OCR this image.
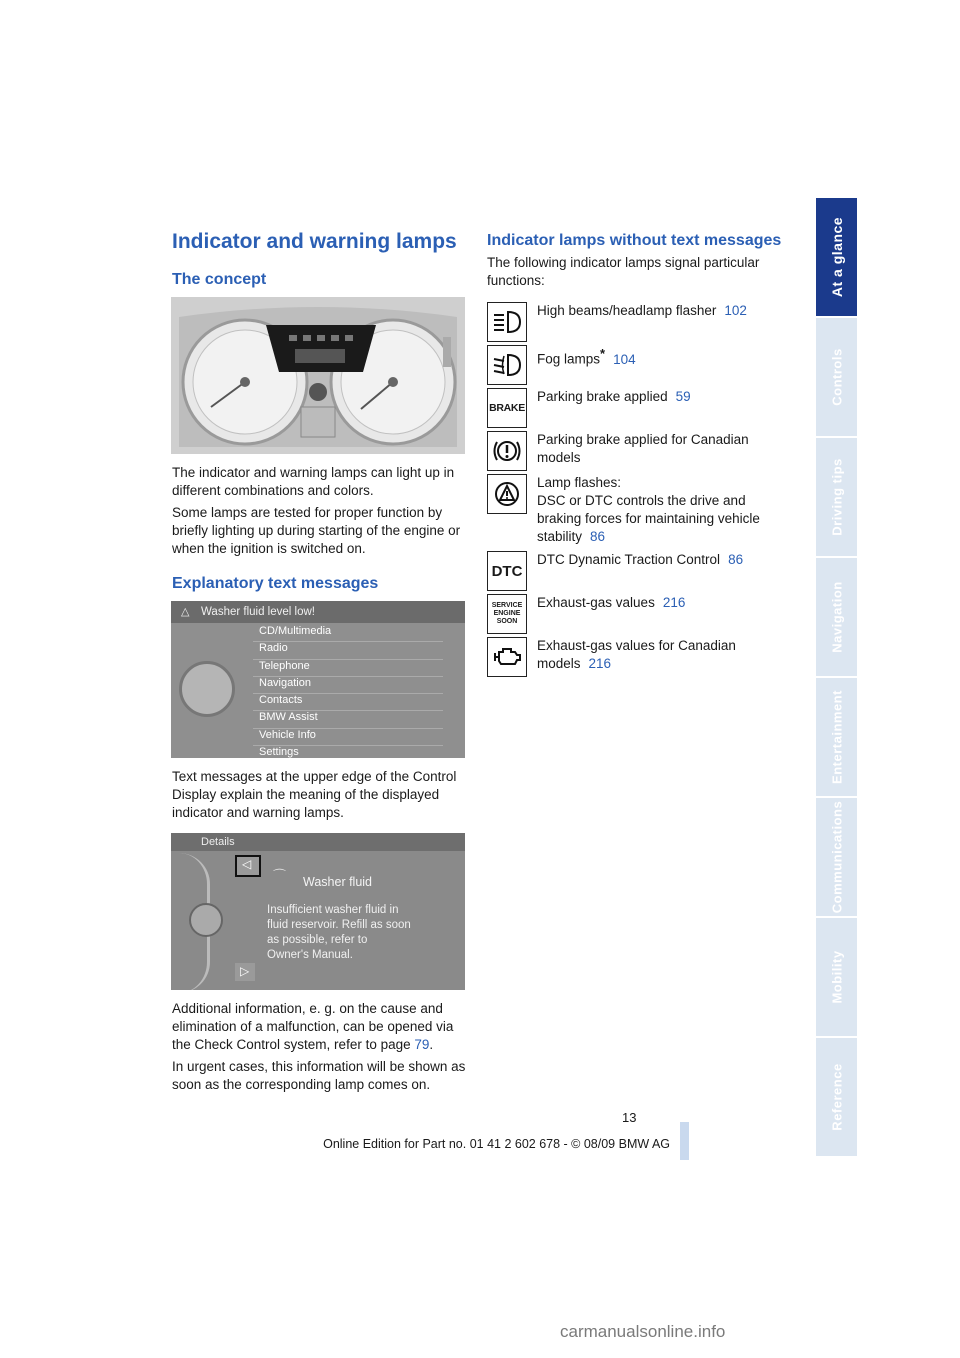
At a glance
Controls
Driving tips
Navigation
Entertainment
Communications
Mobility
Reference
Indicator and warning lamps
The concept

The indicator and warning lamps can light up in different combinations and colors.

Some lamps are tested for proper function by briefly lighting up during starting of the engine or when the ignition is switched on.

Explanatory text messages
△ Washer fluid level low!
CD/Multimedia
Radio
Telephone
Navigation
Contacts
BMW Assist
Vehicle Info
Settings

Text messages at the upper edge of the Control Display explain the meaning of the displayed indicator and warning lamps.

Details
◁
▷
⌒ Washer fluid
Insufficient washer fluid in
fluid reservoir. Refill as soon
as possible, refer to
Owner's Manual.

Additional information, e. g. on the cause and elimination of a malfunction, can be opened via the Check Control system, refer to page 79.

In urgent cases, this information will be shown as soon as the corresponding lamp comes on.

Indicator lamps without text messages

The following indicator lamps signal particular functions:

High beams/headlamp flasher 102
Fog lamps* 104
BRAKE
Parking brake applied 59
Parking brake applied for Canadian models
Lamp flashes:
DSC or DTC controls the drive and braking forces for maintaining vehicle stability 86
DTC
DTC Dynamic Traction Control 86
SERVICE
ENGINE
SOON
Exhaust-gas values 216
Exhaust-gas values for Canadian models 216
13
Online Edition for Part no. 01 41 2 602 678 - © 08/09 BMW AG
carmanualsonline.info
